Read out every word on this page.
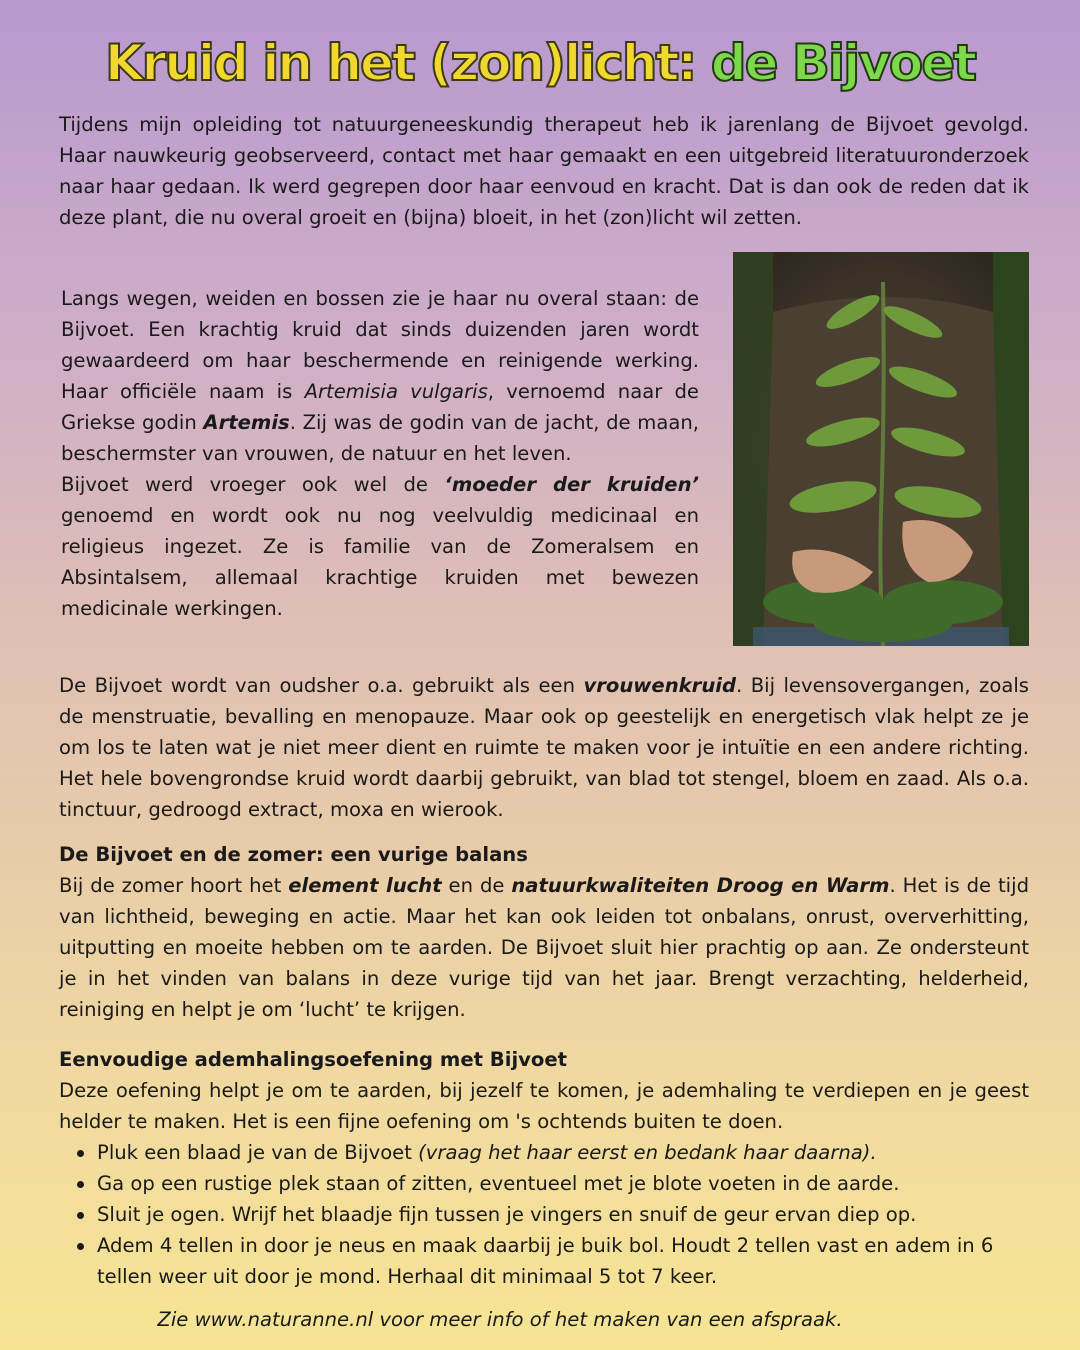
Kruid in het (zon)licht: de Bijvoet

Tijdens mijn opleiding tot natuurgeneeskundig therapeut heb ik jarenlang de Bijvoet gevolgd. Haar nauwkeurig geobserveerd, contact met haar gemaakt en een uitgebreid literatuuronderzoek naar haar gedaan. Ik werd gegrepen door haar eenvoud en kracht. Dat is dan ook de reden dat ik deze plant, die nu overal groeit en (bijna) bloeit, in het (zon)licht wil zetten.

Langs wegen, weiden en bossen zie je haar nu overal staan: de Bijvoet. Een krachtig kruid dat sinds duizenden jaren wordt gewaardeerd om haar beschermende en reinigende werking. Haar officiële naam is Artemisia vulgaris, vernoemd naar de Griekse godin Artemis. Zij was de godin van de jacht, de maan, beschermster van vrouwen, de natuur en het leven.

Bijvoet werd vroeger ook wel de ‘moeder der kruiden’ genoemd en wordt ook nu nog veelvuldig medicinaal en religieus ingezet. Ze is familie van de Zomeralsem en Absintalsem, allemaal krachtige kruiden met bewezen medicinale werkingen.

De Bijvoet wordt van oudsher o.a. gebruikt als een vrouwenkruid. Bij levensovergangen, zoals de menstruatie, bevalling en menopauze. Maar ook op geestelijk en energetisch vlak helpt ze je om los te laten wat je niet meer dient en ruimte te maken voor je intuïtie en een andere richting. Het hele bovengrondse kruid wordt daarbij gebruikt, van blad tot stengel, bloem en zaad. Als o.a. tinctuur, gedroogd extract, moxa en wierook.

De Bijvoet en de zomer: een vurige balans

Bij de zomer hoort het element lucht en de natuurkwaliteiten Droog en Warm. Het is de tijd van lichtheid, beweging en actie. Maar het kan ook leiden tot onbalans, onrust, oververhitting, uitputting en moeite hebben om te aarden. De Bijvoet sluit hier prachtig op aan. Ze ondersteunt je in het vinden van balans in deze vurige tijd van het jaar. Brengt verzachting, helderheid, reiniging en helpt je om ‘lucht’ te krijgen.

Eenvoudige ademhalingsoefening met Bijvoet

Deze oefening helpt je om te aarden, bij jezelf te komen, je ademhaling te verdiepen en je geest helder te maken. Het is een fijne oefening om 's ochtends buiten te doen.

Pluk een blaad je van de Bijvoet (vraag het haar eerst en bedank haar daarna).
Ga op een rustige plek staan of zitten, eventueel met je blote voeten in de aarde.
Sluit je ogen. Wrijf het blaadje fijn tussen je vingers en snuif de geur ervan diep op.
Adem 4 tellen in door je neus en maak daarbij je buik bol. Houdt 2 tellen vast en adem in 6 tellen weer uit door je mond. Herhaal dit minimaal 5 tot 7 keer.

Zie www.naturanne.nl voor meer info of het maken van een afspraak.
